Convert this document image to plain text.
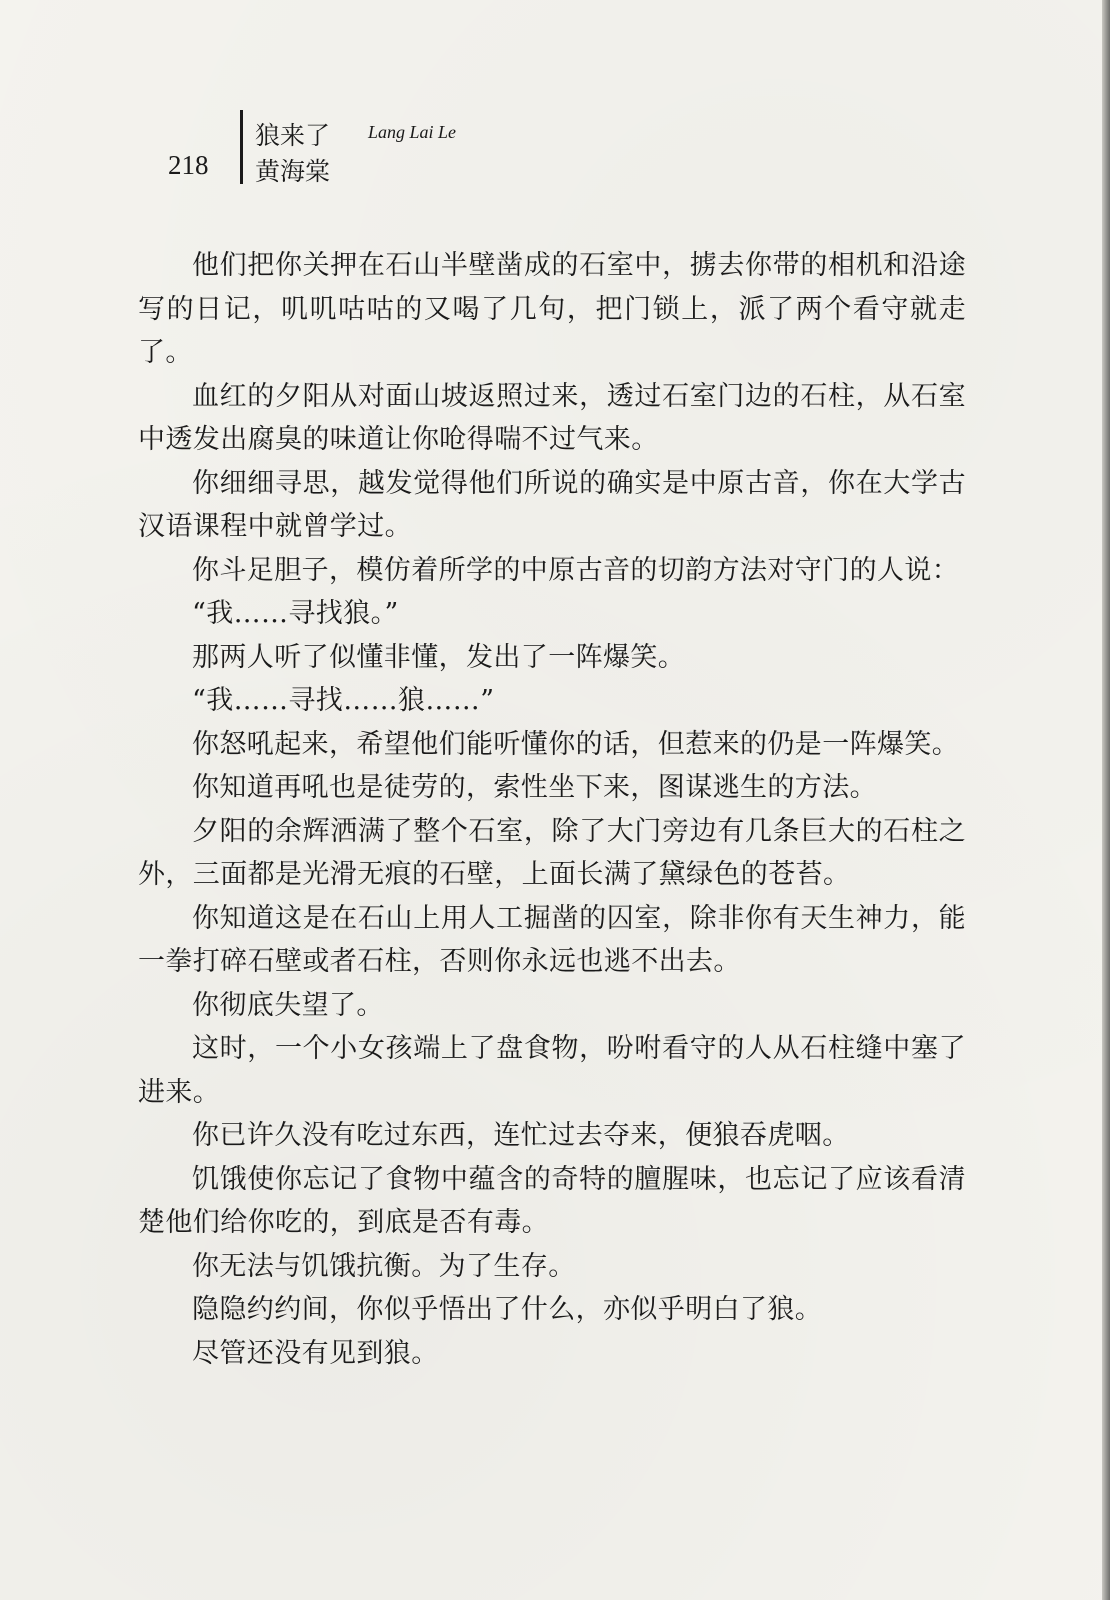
218
狼来了 Lang Lai Le
黄海棠

他们把你关押在石山半壁凿成的石室中，掳去你带的相机和沿途写的日记，叽叽咕咕的又喝了几句，把门锁上，派了两个看守就走了。

血红的夕阳从对面山坡返照过来，透过石室门边的石柱，从石室中透发出腐臭的味道让你呛得喘不过气来。

你细细寻思，越发觉得他们所说的确实是中原古音，你在大学古汉语课程中就曾学过。

你斗足胆子，模仿着所学的中原古音的切韵方法对守门的人说：

“我……寻找狼。”

那两人听了似懂非懂，发出了一阵爆笑。

“我……寻找……狼……”

你怒吼起来，希望他们能听懂你的话，但惹来的仍是一阵爆笑。

你知道再吼也是徒劳的，索性坐下来，图谋逃生的方法。

夕阳的余辉洒满了整个石室，除了大门旁边有几条巨大的石柱之外，三面都是光滑无痕的石壁，上面长满了黛绿色的苍苔。

你知道这是在石山上用人工掘凿的囚室，除非你有天生神力，能一拳打碎石壁或者石柱，否则你永远也逃不出去。

你彻底失望了。

这时，一个小女孩端上了盘食物，吩咐看守的人从石柱缝中塞了进来。

你已许久没有吃过东西，连忙过去夺来，便狼吞虎咽。

饥饿使你忘记了食物中蕴含的奇特的膻腥味，也忘记了应该看清楚他们给你吃的，到底是否有毒。

你无法与饥饿抗衡。为了生存。

隐隐约约间，你似乎悟出了什么，亦似乎明白了狼。

尽管还没有见到狼。
